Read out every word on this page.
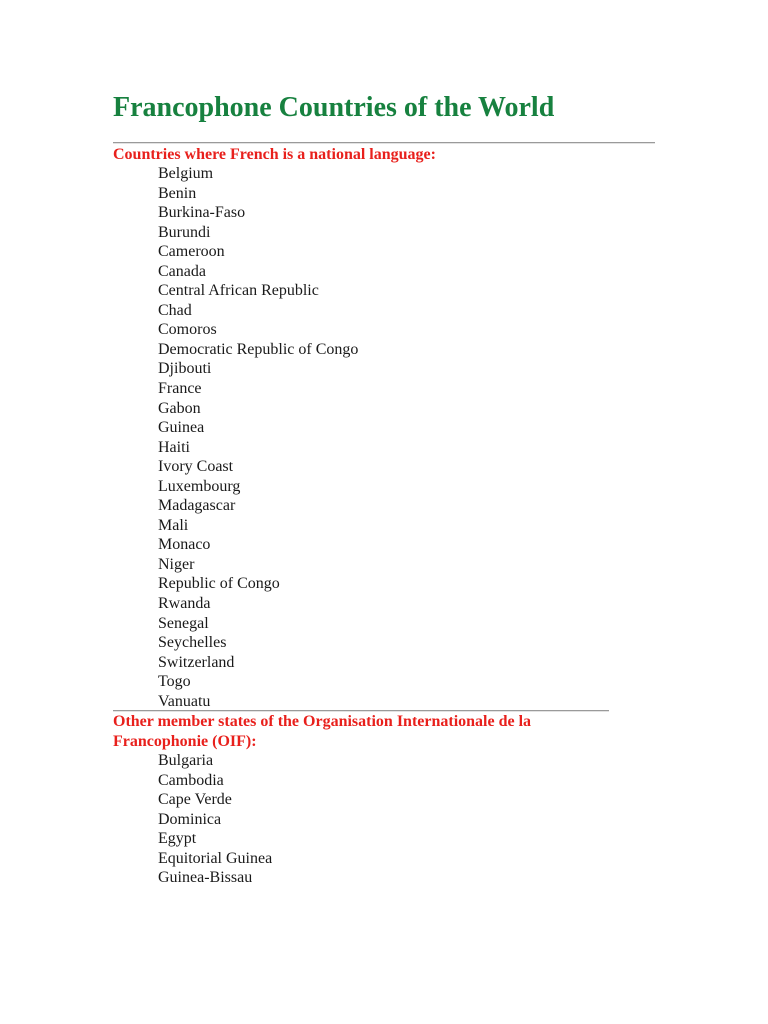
Francophone Countries of the World
Countries where French is a national language:
Belgium
Benin
Burkina-Faso
Burundi
Cameroon
Canada
Central African Republic
Chad
Comoros
Democratic Republic of Congo
Djibouti
France
Gabon
Guinea
Haiti
Ivory Coast
Luxembourg
Madagascar
Mali
Monaco
Niger
Republic of Congo
Rwanda
Senegal
Seychelles
Switzerland
Togo
Vanuatu
Other member states of the Organisation Internationale de la Francophonie (OIF):
Bulgaria
Cambodia
Cape Verde
Dominica
Egypt
Equitorial Guinea
Guinea-Bissau
